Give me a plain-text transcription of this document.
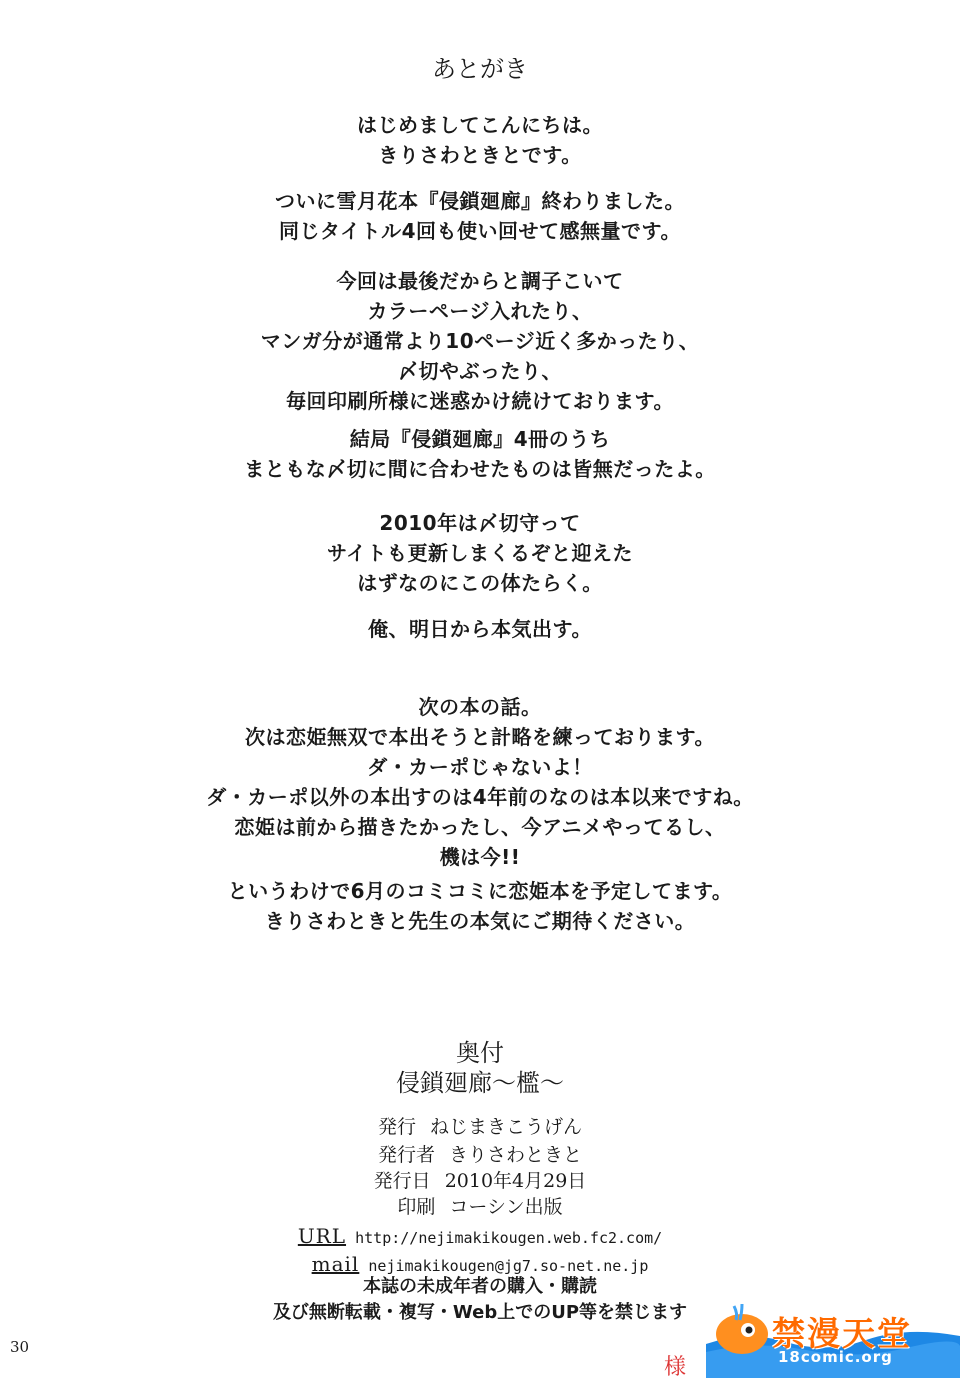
あとがき
はじめましてこんにちは。
きりさわときとです。
ついに雪月花本『侵鎖廻廊』終わりました。
同じタイトル4回も使い回せて感無量です。
今回は最後だからと調子こいて
カラーページ入れたり、
マンガ分が通常より10ページ近く多かったり、
〆切やぶったり、
毎回印刷所様に迷惑かけ続けております。
結局『侵鎖廻廊』4冊のうち
まともな〆切に間に合わせたものは皆無だったよ。
2010年は〆切守って
サイトも更新しまくるぞと迎えた
はずなのにこの体たらく。
俺、明日から本気出す。
次の本の話。
次は恋姫無双で本出そうと計略を練っております。
ダ・カーポじゃないよ！
ダ・カーポ以外の本出すのは4年前のなのは本以来ですね。
恋姫は前から描きたかったし、今アニメやってるし、
機は今!!
というわけで6月のコミコミに恋姫本を予定してます。
きりさわときと先生の本気にご期待ください。
奥付
侵鎖廻廊～檻～
発行 ねじまきこうげん
発行者 きりさわときと
発行日 2010年4月29日
印刷 コーシン出版
URL http://nejimakikougen.web.fc2.com/
mail nejimakikougen@jg7.so-net.ne.jp
本誌の未成年者の購入・購読
及び無断転載・複写・Web上でのUP等を禁じます
30
様
禁漫天堂
18comic.org
